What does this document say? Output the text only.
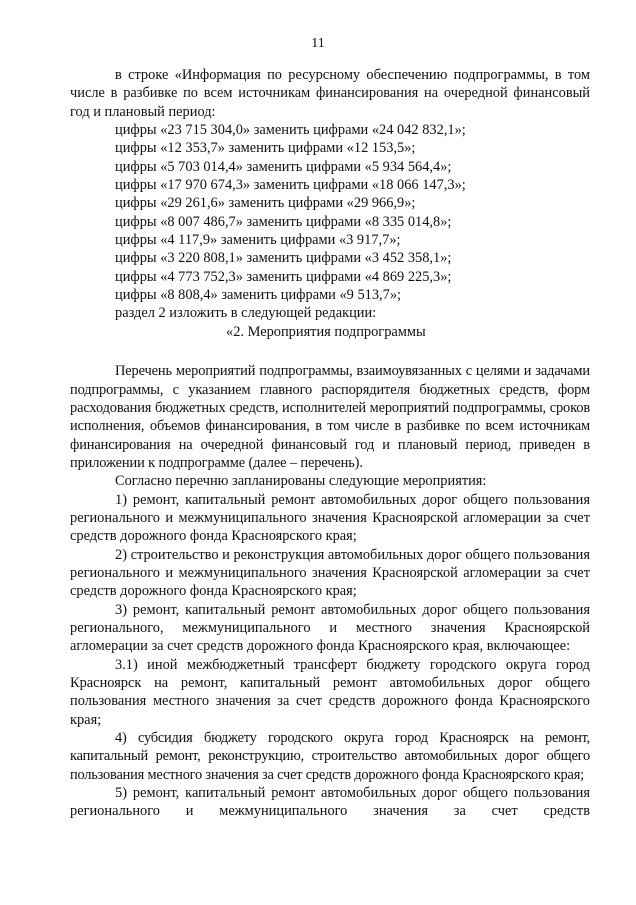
11

в строке «Информация по ресурсному обеспечению подпрограммы, в том числе в разбивке по всем источникам финансирования на очередной финансовый год и плановый период:

цифры «23 715 304,0» заменить цифрами «24 042 832,1»;

цифры «12 353,7» заменить цифрами «12 153,5»;

цифры «5 703 014,4» заменить цифрами «5 934 564,4»;

цифры «17 970 674,3» заменить цифрами «18 066 147,3»;

цифры «29 261,6» заменить цифрами «29 966,9»;

цифры «8 007 486,7» заменить цифрами «8 335 014,8»;

цифры «4 117,9» заменить цифрами «3 917,7»;

цифры «3 220 808,1» заменить цифрами «3 452 358,1»;

цифры «4 773 752,3» заменить цифрами «4 869 225,3»;

цифры «8 808,4» заменить цифрами «9 513,7»;

раздел 2 изложить в следующей редакции:

«2. Мероприятия подпрограммы

Перечень мероприятий подпрограммы, взаимоувязанных с целями и задачами подпрограммы, с указанием главного распорядителя бюджетных средств, форм расходования бюджетных средств, исполнителей мероприятий подпрограммы, сроков исполнения, объемов финансирования, в том числе в разбивке по всем источникам финансирования на очередной финансовый год и плановый период, приведен в приложении к подпрограмме (далее – перечень).

Согласно перечню запланированы следующие мероприятия:

1) ремонт, капитальный ремонт автомобильных дорог общего пользования регионального и межмуниципального значения Красноярской агломерации за счет средств дорожного фонда Красноярского края;

2) строительство и реконструкция автомобильных дорог общего пользования регионального и межмуниципального значения Красноярской агломерации за счет средств дорожного фонда Красноярского края;

3) ремонт, капитальный ремонт автомобильных дорог общего пользования регионального, межмуниципального и местного значения Красноярской агломерации за счет средств дорожного фонда Красноярского края, включающее:

3.1) иной межбюджетный трансферт бюджету городского округа город Красноярск на ремонт, капитальный ремонт автомобильных дорог общего пользования местного значения за счет средств дорожного фонда Красноярского края;

4) субсидия бюджету городского округа город Красноярск на ремонт, капитальный ремонт, реконструкцию, строительство автомобильных дорог общего пользования местного значения за счет средств дорожного фонда Красноярского края;

5) ремонт, капитальный ремонт автомобильных дорог общего пользования регионального и межмуниципального значения за счет средств
